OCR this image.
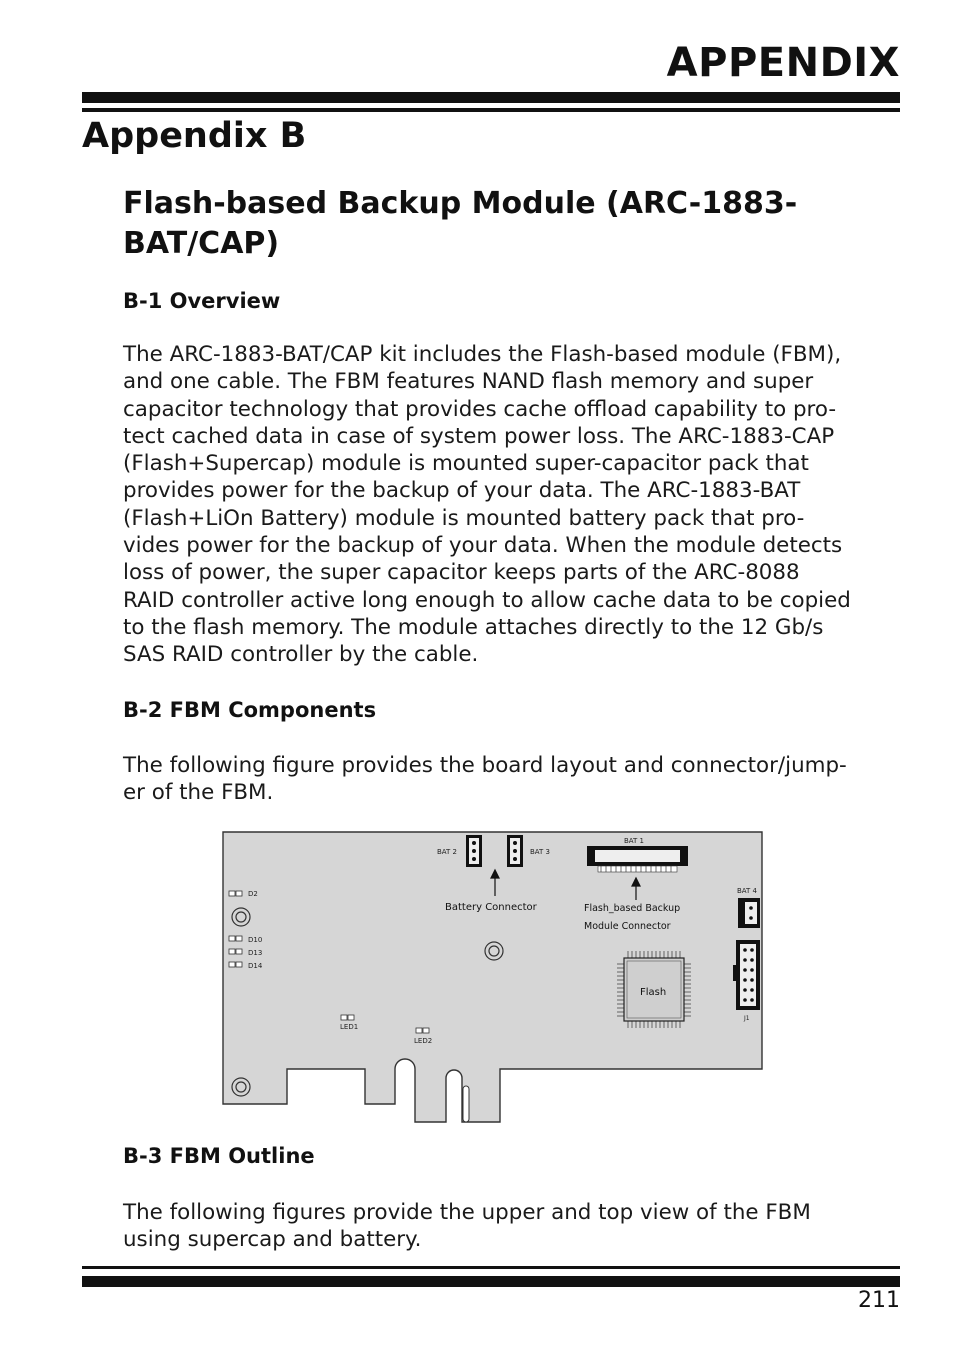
APPENDIX
Appendix B
Flash-based Backup Module (ARC-1883-
BAT/CAP)
B-1 Overview
The ARC-1883-BAT/CAP kit includes the Flash-based module (FBM),
and one cable. The FBM features NAND flash memory and super
capacitor technology that provides cache offload capability to pro-
tect cached data in case of system power loss. The ARC-1883-CAP
(Flash+Supercap) module is mounted super-capacitor pack that
provides power for the backup of your data. The ARC-1883-BAT
(Flash+LiOn Battery) module is mounted battery pack that pro-
vides power for the backup of your data. When the module detects
loss of power, the super capacitor keeps parts of the ARC-8088
RAID controller active long enough to allow cache data to be copied
to the flash memory. The module attaches directly to the 12 Gb/s
SAS RAID controller by the cable.
B-2 FBM Components
The following figure provides the board layout and connector/jump-
er of the FBM.
D2
D10
D13
D14
LED1
LED2
BAT 2	BAT 3
Battery Connector
BAT 1
Flash_based Backup
Module Connector
BAT 4
J1
Flash
B-3 FBM Outline
The following figures provide the upper and top view of the FBM
using supercap and battery.
211
